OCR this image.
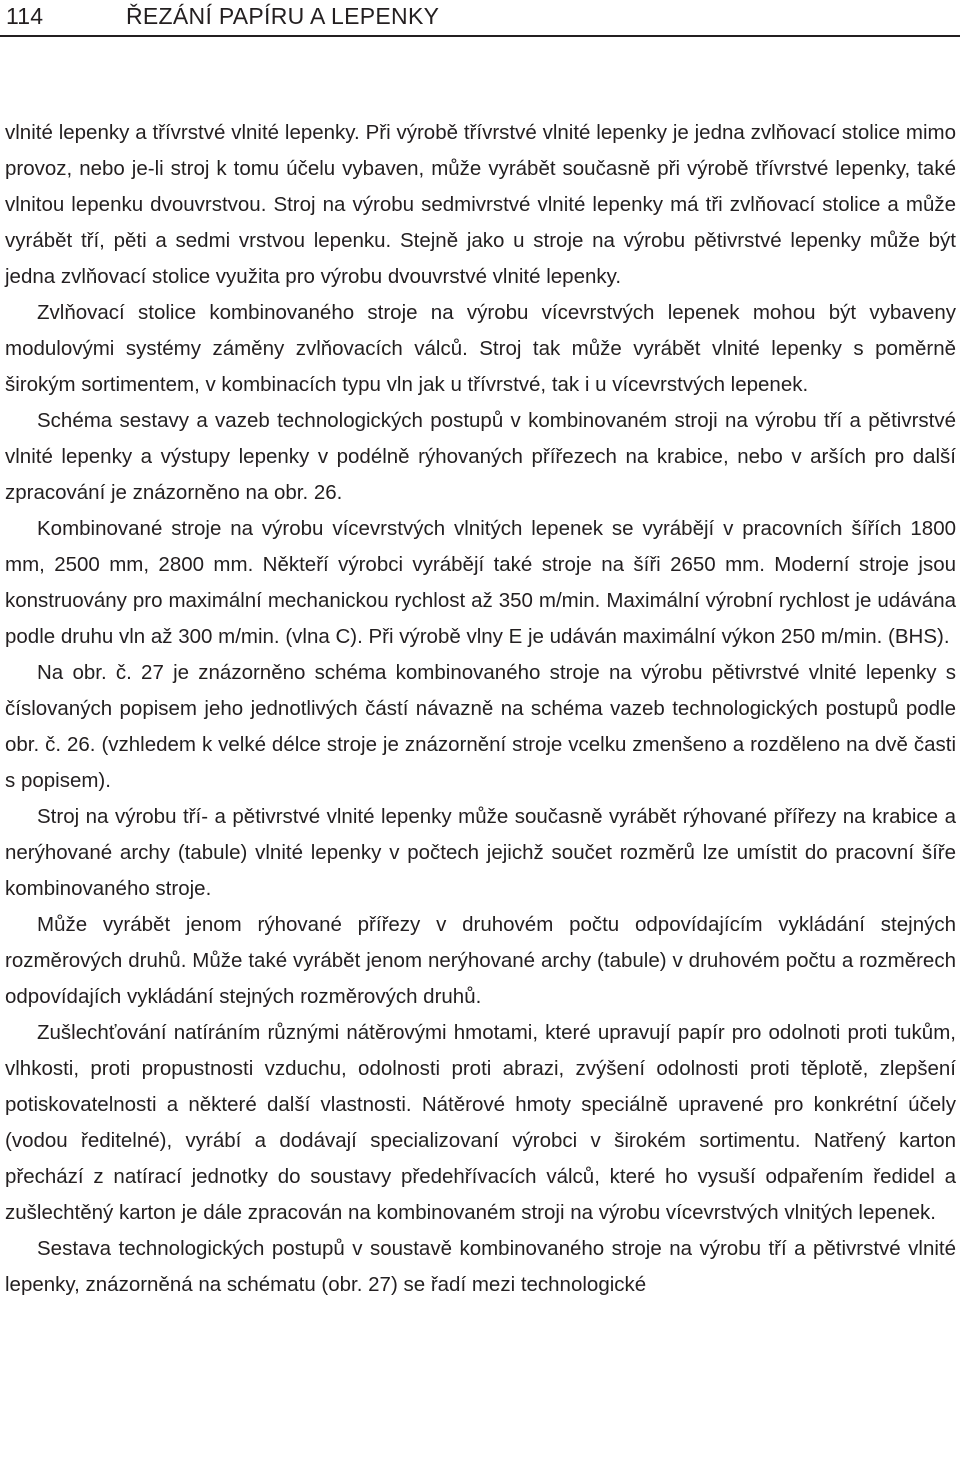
114	ŘEZÁNÍ PAPÍRU A LEPENKY

vlnité lepenky a třívrstvé vlnité lepenky. Při výrobě třívrstvé vlnité lepenky je jedna zvlňovací stolice mimo provoz, nebo je-li stroj k tomu účelu vybaven, může vyrábět současně při výrobě třívrstvé lepenky, také vlnitou lepenku dvouvrstvou. Stroj na výrobu sedmivrstvé vlnité lepenky má tři zvlňovací stolice a může vyrábět tří, pěti a sedmi vrstvou lepenku. Stejně jako u stroje na výrobu pětivrstvé lepenky může být jedna zvlňovací stolice využita pro výrobu dvouvrstvé vlnité lepenky.

Zvlňovací stolice kombinovaného stroje na výrobu vícevrstvých lepenek mohou být vybaveny modulovými systémy záměny zvlňovacích válců. Stroj tak může vyrábět vlnité lepenky s poměrně širokým sortimentem, v kombinacích typu vln jak u třívrstvé, tak i u vícevrstvých lepenek.

Schéma sestavy a vazeb technologických postupů v kombinovaném stroji na výrobu tří a pětivrstvé vlnité lepenky a výstupy lepenky v podélně rýhovaných přířezech na krabice, nebo v arších pro další zpracování je znázorněno na obr. 26.

Kombinované stroje na výrobu vícevrstvých vlnitých lepenek se vyrábějí v pracovních šířích 1800 mm, 2500 mm, 2800 mm. Někteří výrobci vyrábějí také stroje na šíři 2650 mm. Moderní stroje jsou konstruovány pro maximální mechanickou rychlost až 350 m/min. Maximální výrobní rychlost je udávána podle druhu vln až 300 m/min. (vlna C). Při výrobě vlny E je udáván maximální výkon 250 m/min. (BHS).

Na obr. č. 27 je znázorněno schéma kombinovaného stroje na výrobu pětivrstvé vlnité lepenky s číslovaných popisem jeho jednotlivých částí návazně na schéma vazeb technologických postupů podle obr. č. 26. (vzhledem k velké délce stroje je znázornění stroje vcelku zmenšeno a rozděleno na dvě časti s popisem).

Stroj na výrobu tří- a pětivrstvé vlnité lepenky může současně vyrábět rýhované přířezy na krabice a nerýhované archy (tabule) vlnité lepenky v počtech jejichž součet rozměrů lze umístit do pracovní šíře kombinovaného stroje.

Může vyrábět jenom rýhované přířezy v druhovém počtu odpovídajícím vykládání stejných rozměrových druhů. Může také vyrábět jenom nerýhované archy (tabule) v druhovém počtu a rozměrech odpovídajích vykládání stejných rozměrových druhů.

Zušlechťování natíráním různými nátěrovými hmotami, které upravují papír pro odolnoti proti tukům, vlhkosti, proti propustnosti vzduchu, odolnosti proti abrazi, zvýšení odolnosti proti těplotě, zlepšení potiskovatelnosti a některé další vlastnosti. Nátěrové hmoty speciálně upravené pro konkrétní účely (vodou ředitelné), vyrábí a dodávají specializovaní výrobci v širokém sortimentu. Natřený karton přechází z natírací jednotky do soustavy předehřívacích válců, které ho vysuší odpařením ředidel a zušlechtěný karton je dále zpracován na kombinovaném stroji na výrobu vícevrstvých vlnitých lepenek.

Sestava technologických postupů v soustavě kombinovaného stroje na výrobu tří a pětivrstvé vlnité lepenky, znázorněná na schématu (obr. 27) se řadí mezi technologické
